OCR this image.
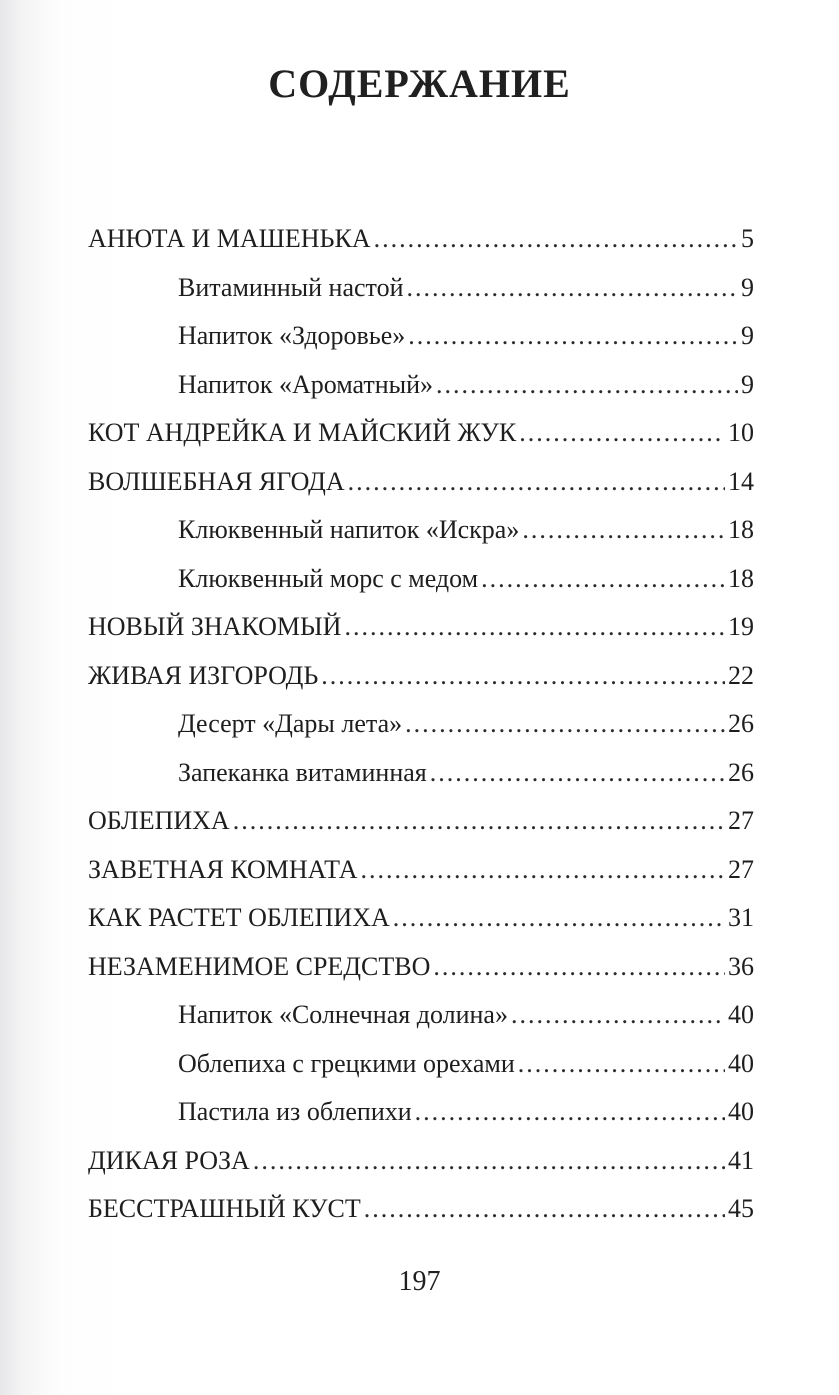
СОДЕРЖАНИЕ
АНЮТА И МАШЕНЬКА .....	5
Витаминный настой .....	9
Напиток «Здоровье» .....	9
Напиток «Ароматный» .....	9
КОТ АНДРЕЙКА И МАЙСКИЙ ЖУК .....	10
ВОЛШЕБНАЯ ЯГОДА .....	14
Клюквенный напиток «Искра» .....	18
Клюквенный морс с медом .....	18
НОВЫЙ ЗНАКОМЫЙ .....	19
ЖИВАЯ ИЗГОРОДЬ .....	22
Десерт «Дары лета» .....	26
Запеканка витаминная .....	26
ОБЛЕПИХА .....	27
ЗАВЕТНАЯ КОМНАТА .....	27
КАК РАСТЕТ ОБЛЕПИХА .....	31
НЕЗАМЕНИМОЕ СРЕДСТВО .....	36
Напиток «Солнечная долина» .....	40
Облепиха с грецкими орехами .....	40
Пастила из облепихи .....	40
ДИКАЯ РОЗА .....	41
БЕССТРАШНЫЙ КУСТ .....	45
197
